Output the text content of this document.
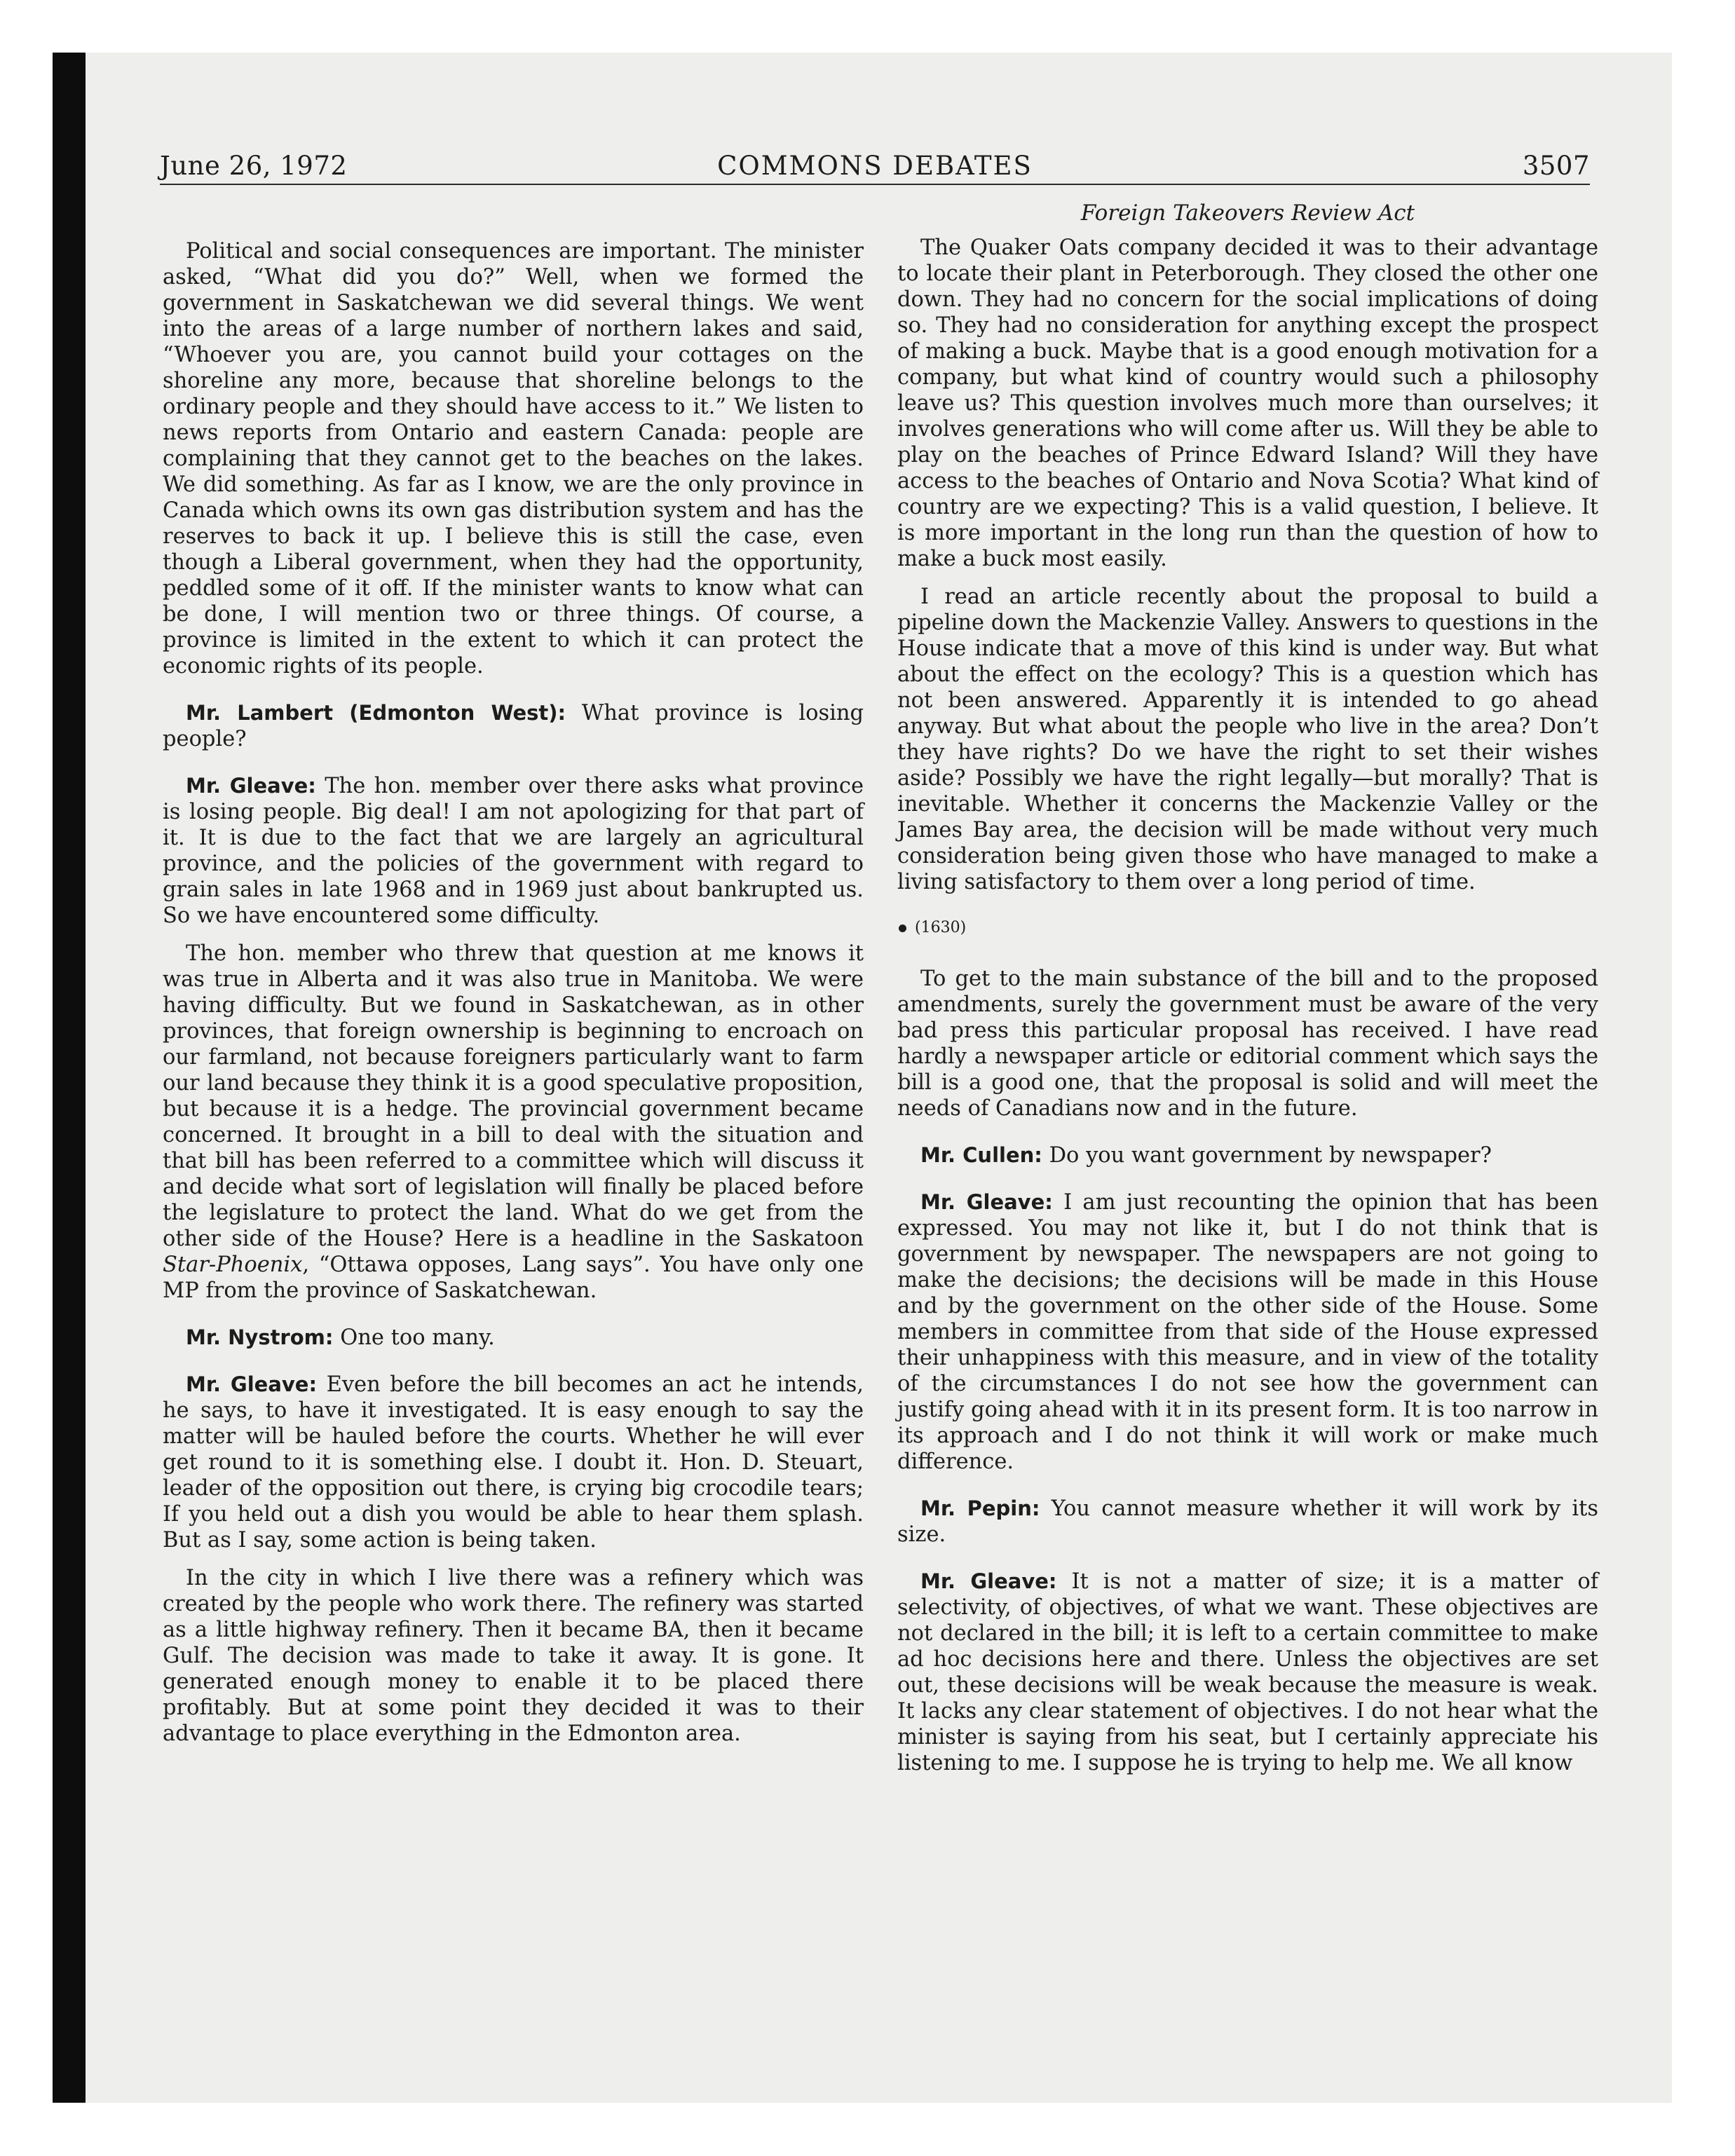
June 26, 1972	COMMONS DEBATES	3507

Political and social consequences are important. The minister asked, “What did you do?” Well, when we formed the government in Saskatchewan we did several things. We went into the areas of a large number of northern lakes and said, “Whoever you are, you cannot build your cottages on the shoreline any more, because that shoreline belongs to the ordinary people and they should have access to it.” We listen to news reports from Ontario and eastern Canada: people are complaining that they cannot get to the beaches on the lakes. We did something. As far as I know, we are the only province in Canada which owns its own gas distribution system and has the reserves to back it up. I believe this is still the case, even though a Liberal government, when they had the opportunity, peddled some of it off. If the minister wants to know what can be done, I will mention two or three things. Of course, a province is limited in the extent to which it can protect the economic rights of its people.

Mr. Lambert (Edmonton West): What province is losing people?

Mr. Gleave: The hon. member over there asks what province is losing people. Big deal! I am not apologizing for that part of it. It is due to the fact that we are largely an agricultural province, and the policies of the government with regard to grain sales in late 1968 and in 1969 just about bankrupted us. So we have encountered some difficulty.

The hon. member who threw that question at me knows it was true in Alberta and it was also true in Manitoba. We were having difficulty. But we found in Saskatchewan, as in other provinces, that foreign ownership is beginning to encroach on our farmland, not because foreigners particularly want to farm our land because they think it is a good speculative proposition, but because it is a hedge. The provincial government became concerned. It brought in a bill to deal with the situation and that bill has been referred to a committee which will discuss it and decide what sort of legislation will finally be placed before the legislature to protect the land. What do we get from the other side of the House? Here is a headline in the Saskatoon Star-Phoenix, “Ottawa opposes, Lang says”. You have only one MP from the province of Saskatchewan.

Mr. Nystrom: One too many.

Mr. Gleave: Even before the bill becomes an act he intends, he says, to have it investigated. It is easy enough to say the matter will be hauled before the courts. Whether he will ever get round to it is something else. I doubt it. Hon. D. Steuart, leader of the opposition out there, is crying big crocodile tears; If you held out a dish you would be able to hear them splash. But as I say, some action is being taken.

In the city in which I live there was a refinery which was created by the people who work there. The refinery was started as a little highway refinery. Then it became BA, then it became Gulf. The decision was made to take it away. It is gone. It generated enough money to enable it to be placed there profitably. But at some point they decided it was to their advantage to place everything in the Edmonton area.

Foreign Takeovers Review Act

The Quaker Oats company decided it was to their advantage to locate their plant in Peterborough. They closed the other one down. They had no concern for the social implications of doing so. They had no consideration for anything except the prospect of making a buck. Maybe that is a good enough motivation for a company, but what kind of country would such a philosophy leave us? This question involves much more than ourselves; it involves generations who will come after us. Will they be able to play on the beaches of Prince Edward Island? Will they have access to the beaches of Ontario and Nova Scotia? What kind of country are we expecting? This is a valid question, I believe. It is more important in the long run than the question of how to make a buck most easily.

I read an article recently about the proposal to build a pipeline down the Mackenzie Valley. Answers to questions in the House indicate that a move of this kind is under way. But what about the effect on the ecology? This is a question which has not been answered. Apparently it is intended to go ahead anyway. But what about the people who live in the area? Don’t they have rights? Do we have the right to set their wishes aside? Possibly we have the right legally—but morally? That is inevitable. Whether it concerns the Mackenzie Valley or the James Bay area, the decision will be made without very much consideration being given those who have managed to make a living satisfactory to them over a long period of time.

(1630)

To get to the main substance of the bill and to the proposed amendments, surely the government must be aware of the very bad press this particular proposal has received. I have read hardly a newspaper article or editorial comment which says the bill is a good one, that the proposal is solid and will meet the needs of Canadians now and in the future.

Mr. Cullen: Do you want government by newspaper?

Mr. Gleave: I am just recounting the opinion that has been expressed. You may not like it, but I do not think that is government by newspaper. The newspapers are not going to make the decisions; the decisions will be made in this House and by the government on the other side of the House. Some members in committee from that side of the House expressed their unhappiness with this measure, and in view of the totality of the circumstances I do not see how the government can justify going ahead with it in its present form. It is too narrow in its approach and I do not think it will work or make much difference.

Mr. Pepin: You cannot measure whether it will work by its size.

Mr. Gleave: It is not a matter of size; it is a matter of selectivity, of objectives, of what we want. These objectives are not declared in the bill; it is left to a certain committee to make ad hoc decisions here and there. Unless the objectives are set out, these decisions will be weak because the measure is weak. It lacks any clear statement of objectives. I do not hear what the minister is saying from his seat, but I certainly appreciate his listening to me. I suppose he is trying to help me. We all know
